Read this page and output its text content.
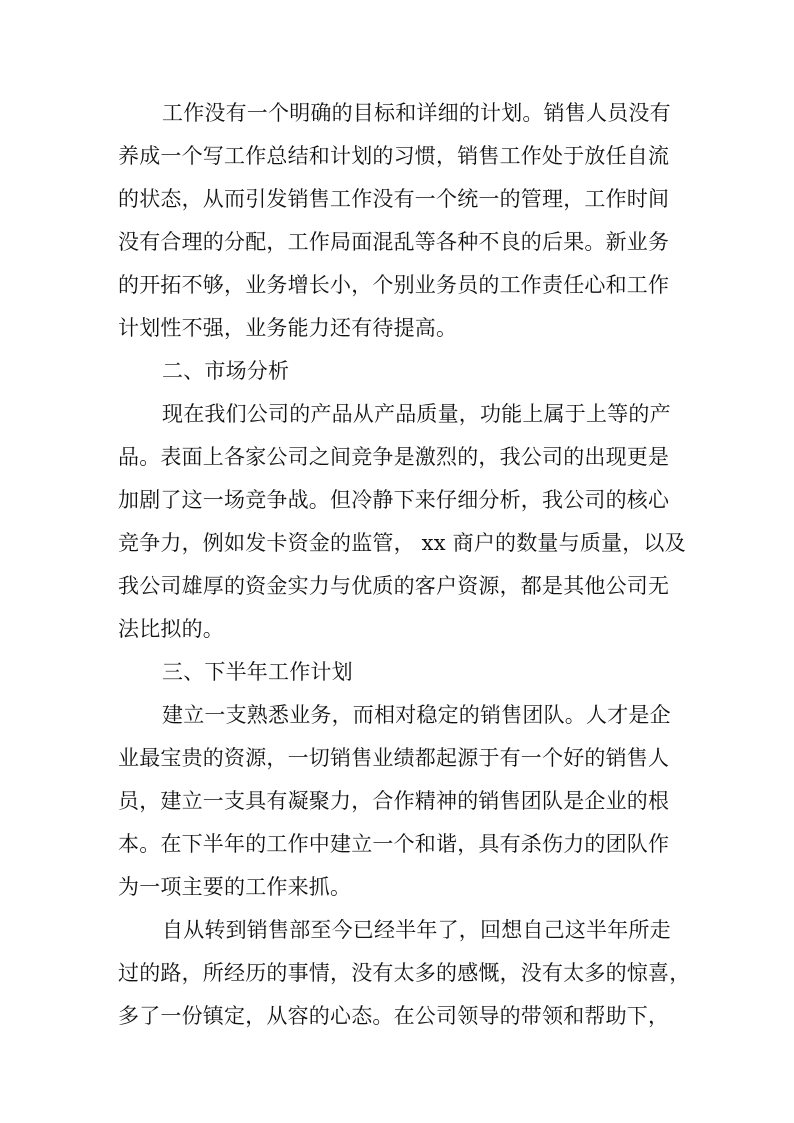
工作没有一个明确的目标和详细的计划。销售人员没有
养成一个写工作总结和计划的习惯，销售工作处于放任自流
的状态，从而引发销售工作没有一个统一的管理，工作时间
没有合理的分配，工作局面混乱等各种不良的后果。新业务
的开拓不够，业务增长小，个别业务员的工作责任心和工作
计划性不强，业务能力还有待提高。
二、市场分析
现在我们公司的产品从产品质量，功能上属于上等的产
品。表面上各家公司之间竞争是激烈的，我公司的出现更是
加剧了这一场竞争战。但冷静下来仔细分析，我公司的核心
竞争力，例如发卡资金的监管， xx 商户的数量与质量，以及
我公司雄厚的资金实力与优质的客户资源，都是其他公司无
法比拟的。
三、下半年工作计划
建立一支熟悉业务，而相对稳定的销售团队。人才是企
业最宝贵的资源，一切销售业绩都起源于有一个好的销售人
员，建立一支具有凝聚力，合作精神的销售团队是企业的根
本。在下半年的工作中建立一个和谐，具有杀伤力的团队作
为一项主要的工作来抓。
自从转到销售部至今已经半年了，回想自己这半年所走
过的路，所经历的事情，没有太多的感慨，没有太多的惊喜，
多了一份镇定，从容的心态。在公司领导的带领和帮助下，
